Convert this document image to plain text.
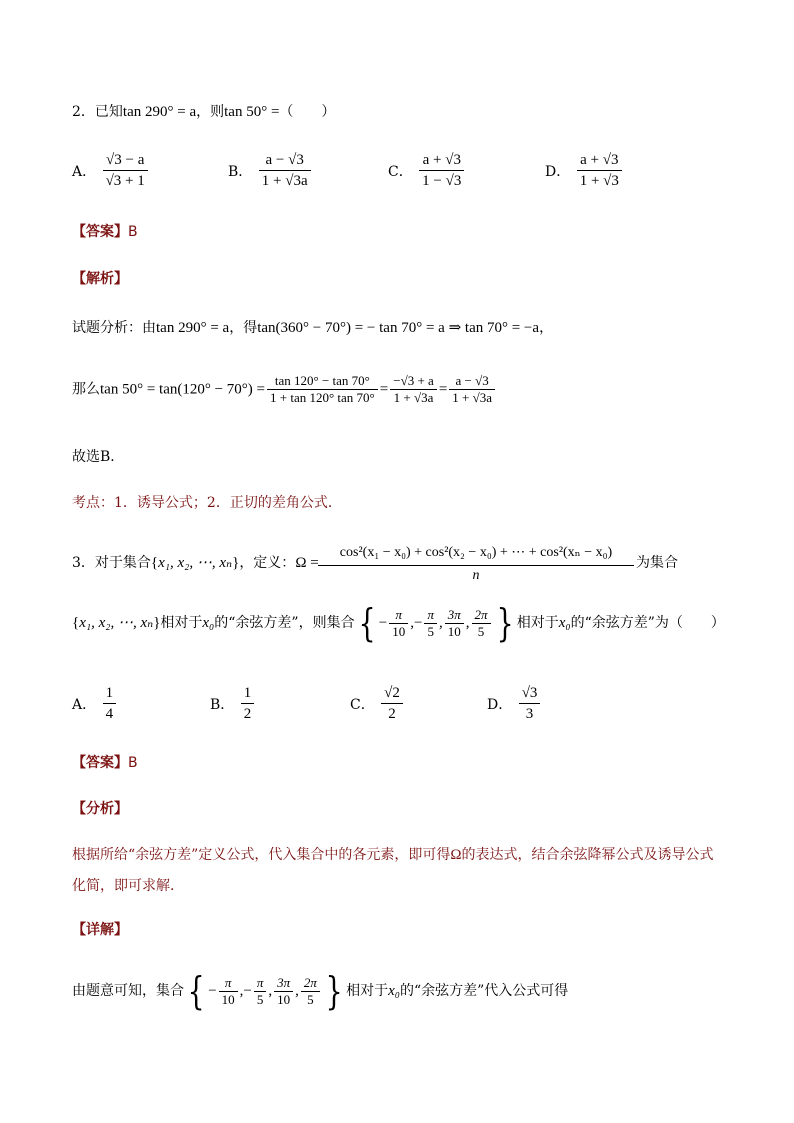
2．已知tan 290° = a，则tan 50° =（　　）
A． $\frac{√3 - a}{√3 + 1}$	B． $\frac{a - √3}{1 + √3a}$	C． $\frac{a + √3}{1 - √3}$	D． $\frac{a + √3}{1 + √3}$
【答案】B
【解析】
试题分析：由tan 290° = a，得tan(360° − 70°) = − tan 70° = a ⇒ tan 70° = −a，
那么$\tan 50^\circ = \tan(120^\circ - 70^\circ) = \frac{\tan 120^\circ - \tan 70^\circ}{1 + \tan 120^\circ \tan 70^\circ} = \frac{-√3 + a}{1 + √3a} = \frac{a - √3}{1 + √3a}$
故选B．
考点：1．诱导公式；2．正切的差角公式．
3．对于集合{x₁, x₂, ⋯, xₙ}，定义：$\Omega = \frac{\text{cos²(x₁ − x₀) + cos²(x₂ − x₀) + ⋯ + cos²(xₙ − x₀)}}{n}$ 为集合
{x₁, x₂, ⋯, xₙ}相对于x₀的“余弦方差”，则集合{ − $\frac{\pi}{10}$ ,− $\frac{\pi}{5}$ , $\frac{3\pi}{10}$ , $\frac{2\pi}{5}$ } 相对于x₀的“余弦方差”为（　　）
A． $\frac{1}{4}$	B． $\frac{1}{2}$	C． $\frac{√2}{2}$	D． $\frac{√3}{3}$
【答案】B
【分析】
根据所给“余弦方差”定义公式，代入集合中的各元素，即可得Ω的表达式，结合余弦降幂公式及诱导公式
化简，即可求解.
【详解】
由题意可知，集合{ − $\frac{\pi}{10}$ ,− $\frac{\pi}{5}$ , $\frac{3\pi}{10}$ , $\frac{2\pi}{5}$ } 相对于x₀的“余弦方差”代入公式可得
